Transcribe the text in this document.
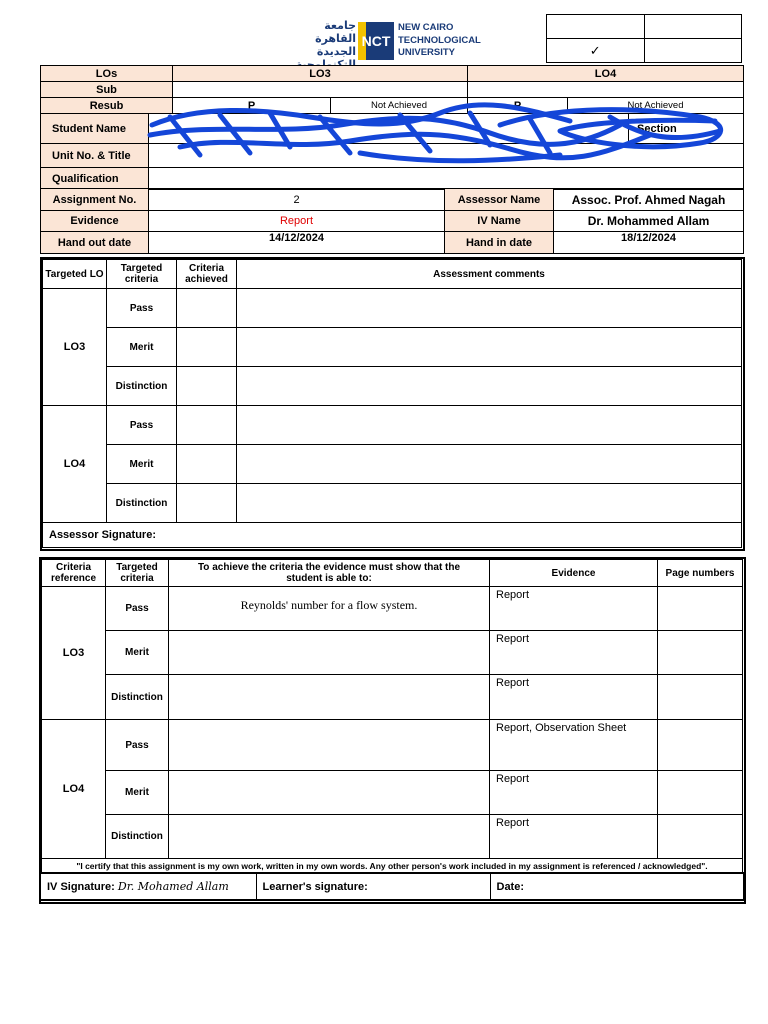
جامعة
القاهرة الجديدة
التكنولوجية
NCT
NEW CAIRO
TECHNOLOGICAL
UNIVERSITY
		✓	
LOs	LO3		LO4	
Sub				
Resub	P	Not Achieved	P	Not Achieved
Student Name		Section
Unit No. & Title		
Qualification		
Assignment No.	2	Assessor Name	Assoc. Prof. Ahmed Nagah
Evidence	Report	IV Name	Dr. Mohammed Allam
Hand out date	14/12/2024	Hand in date	18/12/2024
Targeted LO	Targeted criteria	Criteria achieved	Assessment comments
LO3	Pass		
	Merit		
	Distinction		
LO4	Pass		
	Merit		
	Distinction		
Assessor Signature:			
Criteria reference	Targeted criteria	To achieve the criteria the evidence must show that the student is able to:	Evidence	Page numbers
LO3	Pass	Reynolds' number for a flow system.	Report	
	Merit		Report	
	Distinction		Report	
LO4	Pass		Report, Observation Sheet	
	Merit		Report	
	Distinction		Report	
"I certify that this assignment is my own work, written in my own words. Any other person's work included in my assignment is referenced / acknowledged".				
IV Signature: Dr. Mohamed Allam	Learner's signature:	Date:
